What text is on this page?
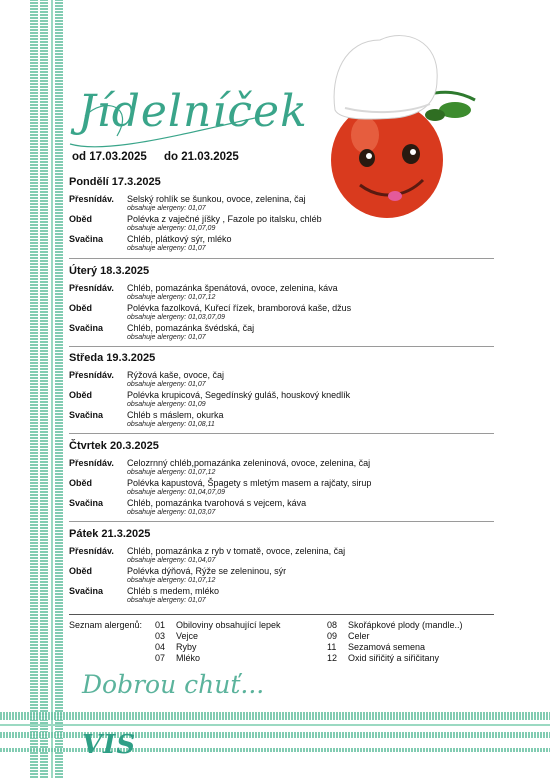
Jídelníček
od 17.03.2025 do 21.03.2025
Pondělí 17.3.2025
Přesnídáv. Selský rohlík se šunkou, ovoce, zelenina, čaj
obsahuje alergeny: 01,07
Oběd	Polévka z vaječné jíšky , Fazole po italsku, chléb
obsahuje alergeny: 01,07,09
Svačina	Chléb, plátkový sýr, mléko
obsahuje alergeny: 01,07
Úterý 18.3.2025
Přesnídáv. Chléb, pomazánka špenátová, ovoce, zelenina, káva
obsahuje alergeny: 01,07,12
Oběd	Polévka fazolková, Kuřecí řízek, bramborová kaše, džus
obsahuje alergeny: 01,03,07,09
Svačina	Chléb, pomazánka švédská, čaj
obsahuje alergeny: 01,07
Středa 19.3.2025
Přesnídáv. Rýžová kaše, ovoce, čaj
obsahuje alergeny: 01,07
Oběd	Polévka krupicová, Segedínský guláš, houskový knedlík
obsahuje alergeny: 01,09
Svačina	Chléb s máslem, okurka
obsahuje alergeny: 01,08,11
Čtvrtek 20.3.2025
Přesnídáv. Celozrnný chléb,pomazánka zeleninová, ovoce, zelenina, čaj
obsahuje alergeny: 01,07,12
Oběd	Polévka kapustová, Špagety s mletým masem a rajčaty, sirup
obsahuje alergeny: 01,04,07,09
Svačina	Chléb, pomazánka tvarohová s vejcem, káva
obsahuje alergeny: 01,03,07
Pátek 21.3.2025
Přesnídáv. Chléb, pomazánka z ryb v tomatě, ovoce, zelenina, čaj
obsahuje alergeny: 01,04,07
Oběd	Polévka dýňová, Rýže se zeleninou, sýr
obsahuje alergeny: 01,07,12
Svačina	Chléb s medem, mléko
obsahuje alergeny: 01,07
Seznam alergenů: 01 Obiloviny obsahující lepek
03 Vejce
04 Ryby
07 Mléko
08 Skořápkové plody (mandle..)
09 Celer
11 Sezamová semena
12 Oxid siřičitý a siřičitany
Dobrou chuť...
VIS
